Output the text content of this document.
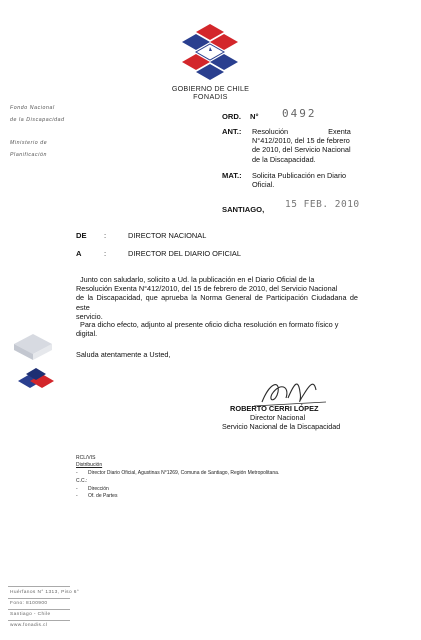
GOBIERNO DE CHILE
FONADIS
Fondo Nacional
de la Discapacidad
Ministerio de
Planificación
ORD. N° 0492
ANT.: Resolución Exenta
N°412/2010, del 15 de febrero
de 2010, del Servicio Nacional
de la Discapacidad.
MAT.: Solicita Publicación en Diario
Oficial.
SANTIAGO, 15 FEB. 2010
DE :	DIRECTOR NACIONAL
A	:	DIRECTOR DEL DIARIO OFICIAL
Junto con saludarlo, solicito a Ud. la publicación en el Diario Oficial de la
Resolución Exenta N°412/2010, del 15 de febrero de 2010, del Servicio Nacional
de la Discapacidad, que aprueba la Norma General de Participación Ciudadana de este
servicio.
Para dicho efecto, adjunto al presente oficio dicha resolución en formato físico y
digital.
Saluda atentamente a Usted,
ROBERTO CERRI LÓPEZ
Director Nacional
Servicio Nacional de la Discapacidad
RCL/VIS
Distribución
- Director Diario Oficial, Agustinas N°1269, Comuna de Santiago, Región Metropolitana.
C.C.:
- Dirección
- Of. de Partes
Huérfanos N° 1313, Piso 6°
Fono: 8100900
Santiago - Chile
www.fonadis.cl
